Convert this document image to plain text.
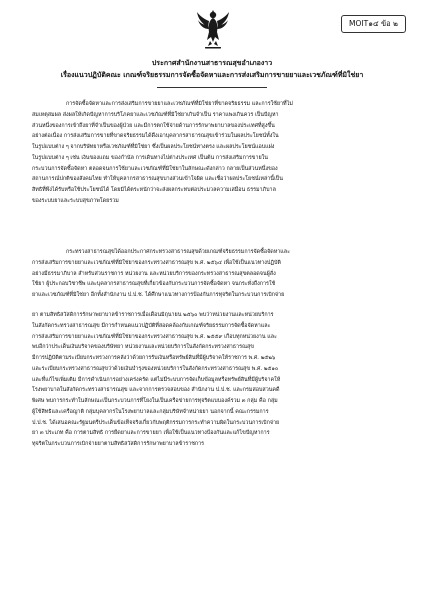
MOIT๑๔ ข้อ ๒
ประกาศสำนักงานสาธารณสุขอำเภองาว
เรื่องแนวปฏิบัติคณะ เกณฑ์จริยธรรมการจัดซื้อจัดหาและการส่งเสริมการขายยาและเวชภัณฑ์ที่มิใช่ยา
การจัดซื้อจัดหาและการส่งเสริมการขายยาและเวชภัณฑ์ที่มิใช่ยาที่ขาดจริยธรรม และการใช้ยาที่ไม่
สมเหตุสมผล ส่งผลให้เกิดปัญหาการบริโภคยาและเวชภัณฑ์ที่มิใช่ยาเกินจำเป็น ราคาแพงเกินควร เป็นปัญหา
ส่วนหนึ่งของการเข้าถึงยาที่จำเป็นของผู้ป่วย และมีการตกใช้จ่ายด้านการรักษาพยาบาลของประเทศที่สูงขึ้น
อย่างต่อเนื่อง การส่งเสริมการขายที่ขาดจริยธรรมได้ดึงเอาบุคลากรสาธารณสุขเข้าร่วมในผลประโยชน์ทั้งใน
ในรูปแบบต่าง ๆ จากบริษัทยาหรือเวชภัณฑ์ที่มิใช่ยา ซึ่งเป็นผลประโยชน์ทางตรง และผลประโยชน์แอบแฝง
ในรูปแบบต่าง ๆ เช่น เงินของแถม ของกำนัล การเดินทางไปต่างประเทศ เป็นต้น การส่งเสริมการขายใน
กระบวนการจัดซื้อจัดหา ตลอดจนการใช้ยาและเวชภัณฑ์ที่มิใช่ยาในลักษณะดังกล่าว กลายเป็นส่วนหนึ่งของ
สถานการณ์ปกติของสังคมไทย ทำให้บุคลากรสาธารณสุขบางส่วนเข้าใจผิด และเชื่อว่าผลประโยชน์เหล่านี้เป็น
สิทธิที่พึงได้รับหรือใช้ประโยชน์ได้ โดยมิได้ตระหนักว่าจะส่งผลกระทบต่อประมวลความเสมือน ธรรมาภิบาล
ของระบบยาและระบบสุขภาพโดยรวม
กระทรวงสาธารณสุขได้ออกประกาศกระทรวงสาธารณสุขด้วยเกณฑ์จริยธรรมการจัดซื้อจัดหาและ
การส่งเสริมการขายยาและเวชภัณฑ์ที่มิใช่ยาของกระทรวงสาธารณสุข พ.ศ. ๒๕๖๔ เพื่อใช้เป็นแนวทางปฏิบัติ
อย่างมีธรรมาภิบาล สำหรับส่วนราชการ หน่วยงาน และหน่วยบริการของกระทรวงสาธารณสุขตลอดจนผู้สั่ง
ใช้ยา ผู้ประกอบวิชาชีพ และบุคลากรสาธารณสุขที่เกี่ยวข้องกับกระบวนการจัดซื้อจัดหา จนกระทั่งถึงการใช้
ยาและเวชภัณฑ์ที่มิใช่ยา อีกทั้งสำนักงาน ป.ป.ช. ได้ศึกษาแนวทางการป้องกันการทุจริตในกระบวนการเบิกจ่าย
ยา ตามสิทธิสวัสดิการรักษาพยาบาลข้าราชการเมื่อเดือนมิถุนายน ๒๕๖๐ พบว่าหน่วยงานและหน่วยบริการ
ในสังกัดกระทรวงสาธารณสุข มีการกำหนดแนวปฏิบัติที่สอดคล้องกับเกณฑ์จริยธรรมการจัดซื้อจัดหาและ
การส่งเสริมการขายยาและเวชภัณฑ์ที่มิใช่ยาของกระทรวงสาธารณสุข พ.ศ. ๒๕๕๙ เกือบทุกหน่วยงาน และ
พบอีกว่าประเด็นเงินบริจาคของบริษัทยา หน่วยงานและหน่วยบริการในสังกัดกระทรวงสาธารณสุข
มีการปฏิบัติตามระเบียบกระทรวงการคลังว่าด้วยการรับเงินหรือทรัพย์สินที่มีผู้บริจาคให้ราชการ พ.ศ. ๒๕๒๖
และระเบียบกระทรวงสาธารณสุขว่าด้วยเงินบำรุงของหน่วยบริการในสังกัดกระทรวงสาธารณสุข พ.ศ. ๒๕๑๐
และที่แก้ไขเพิ่มเติม มีการดำเนินการอย่างเคร่งครัด แต่ไม่มีระบบการจัดเก็บข้อมูลหรือทรัพย์สินที่มีผู้บริจาคให้
โรงพยาบาลในสังกัดกระทรวงสาธารณสุข และจากการตรวจสอบของ สำนักงาน ป.ป.ช. และกรมสอบสวนคดี
พิเศษ พบการกระทำในลักษณะเป็นกระบวนการที่โยงในเป็นเครือข่ายการทุจริตแบบองค์รวม ๓ กลุ่ม คือ กลุ่ม
ผู้ใช้สิทธิและเครือญาติ กลุ่มบุคลากรในโรงพยาบาลและกลุ่มบริษัทจำหน่ายยา นอกจากนี้ คณะกรรมการ
ป.ป.ช. ได้เสนอคณะรัฐมนตรีประเด็นข้อเท็จจริงเกี่ยวกับพฤติกรรมการกระทำความผิดในกระบวนการเบิกจ่าย
ยา ๓ ประเภท คือ การตามสิทธิ การยืดยาและการขายยา เพื่อใช้เป็นแนวทางป้องกันและแก้ไขปัญหาการ
ทุจริตในกระบวนการเบิกจ่ายยาตามสิทธิสวัสดิการรักษาพยาบาลข้าราชการ
